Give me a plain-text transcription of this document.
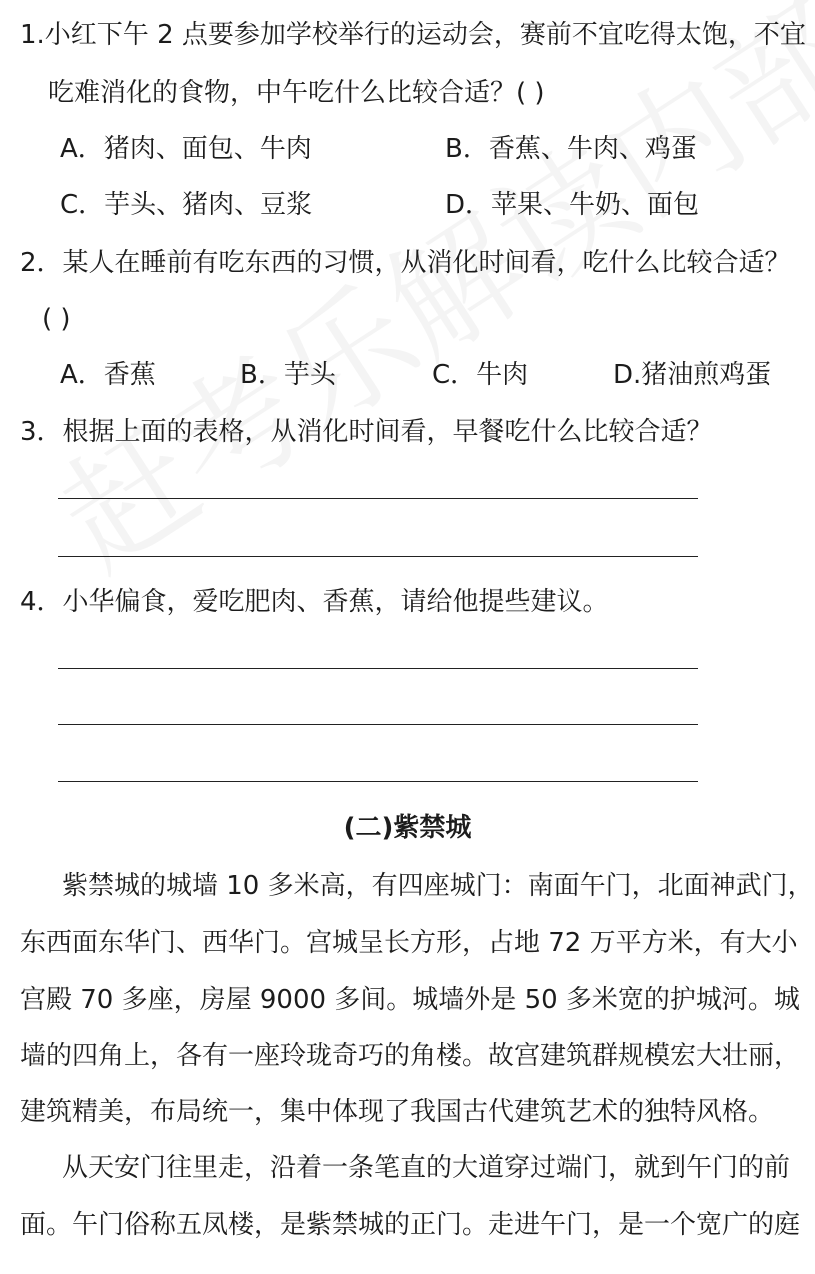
1.小红下午 2 点要参加学校举行的运动会，赛前不宜吃得太饱，不宜
吃难消化的食物，中午吃什么比较合适？( )
A．猪肉、面包、牛肉	B．香蕉、牛肉、鸡蛋
C．芋头、猪肉、豆浆	D．苹果、牛奶、面包
2．某人在睡前有吃东西的习惯，从消化时间看，吃什么比较合适？
( )
A．香蕉	B．芋头	C．牛肉	D.猪油煎鸡蛋
3．根据上面的表格，从消化时间看，早餐吃什么比较合适？
4．小华偏食，爱吃肥肉、香蕉，请给他提些建议。
(二)紫禁城
紫禁城的城墙 10 多米高，有四座城门：南面午门，北面神武门，
东西面东华门、西华门。宫城呈长方形，占地 72 万平方米，有大小
宫殿 70 多座，房屋 9000 多间。城墙外是 50 多米宽的护城河。城
墙的四角上，各有一座玲珑奇巧的角楼。故宫建筑群规模宏大壮丽，
建筑精美，布局统一，集中体现了我国古代建筑艺术的独特风格。
从天安门往里走，沿着一条笔直的大道穿过端门，就到午门的前
面。午门俗称五凤楼，是紫禁城的正门。走进午门，是一个宽广的庭
